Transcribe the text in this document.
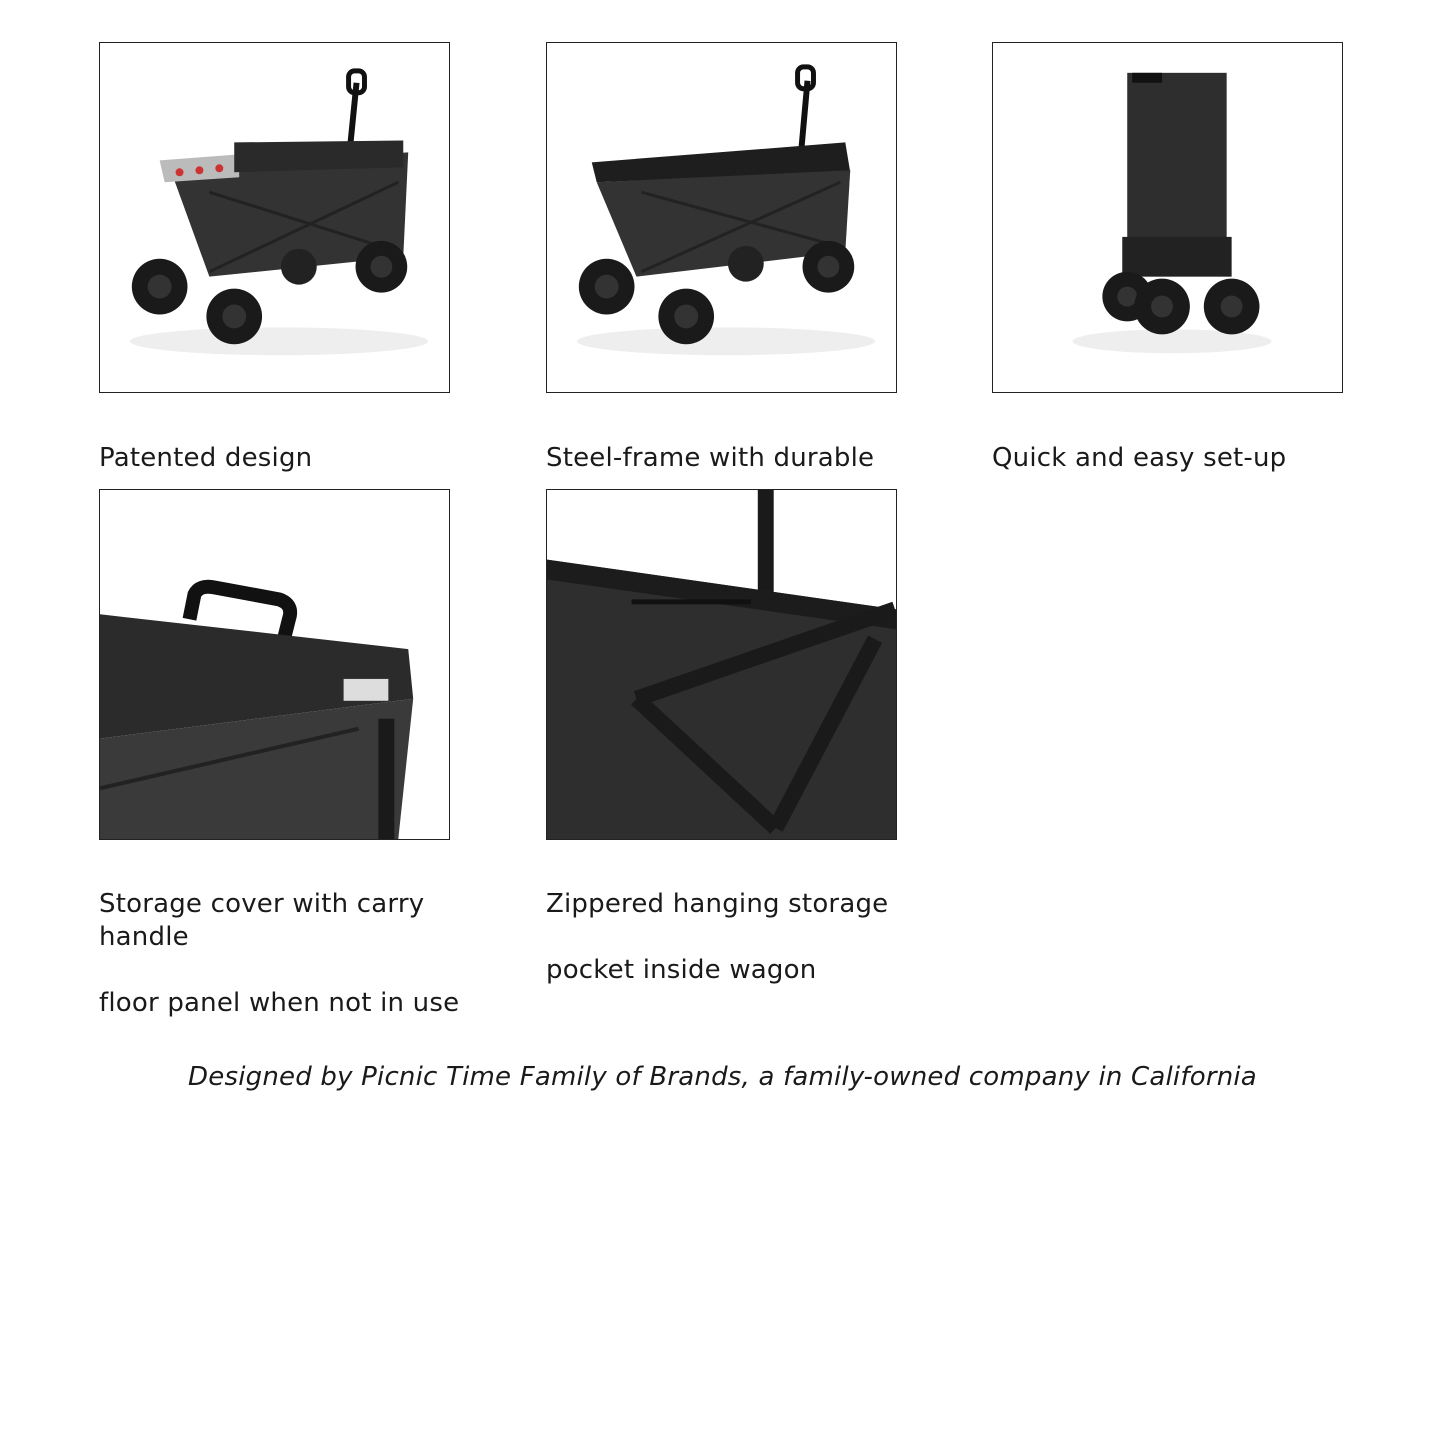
Patented design	Steel-frame with durable	Quick and easy set-up

Storage cover with carry handle

floor panel when not in use

Zippered hanging storage

pocket inside wagon

Designed by Picnic Time Family of Brands, a family-owned company in California
